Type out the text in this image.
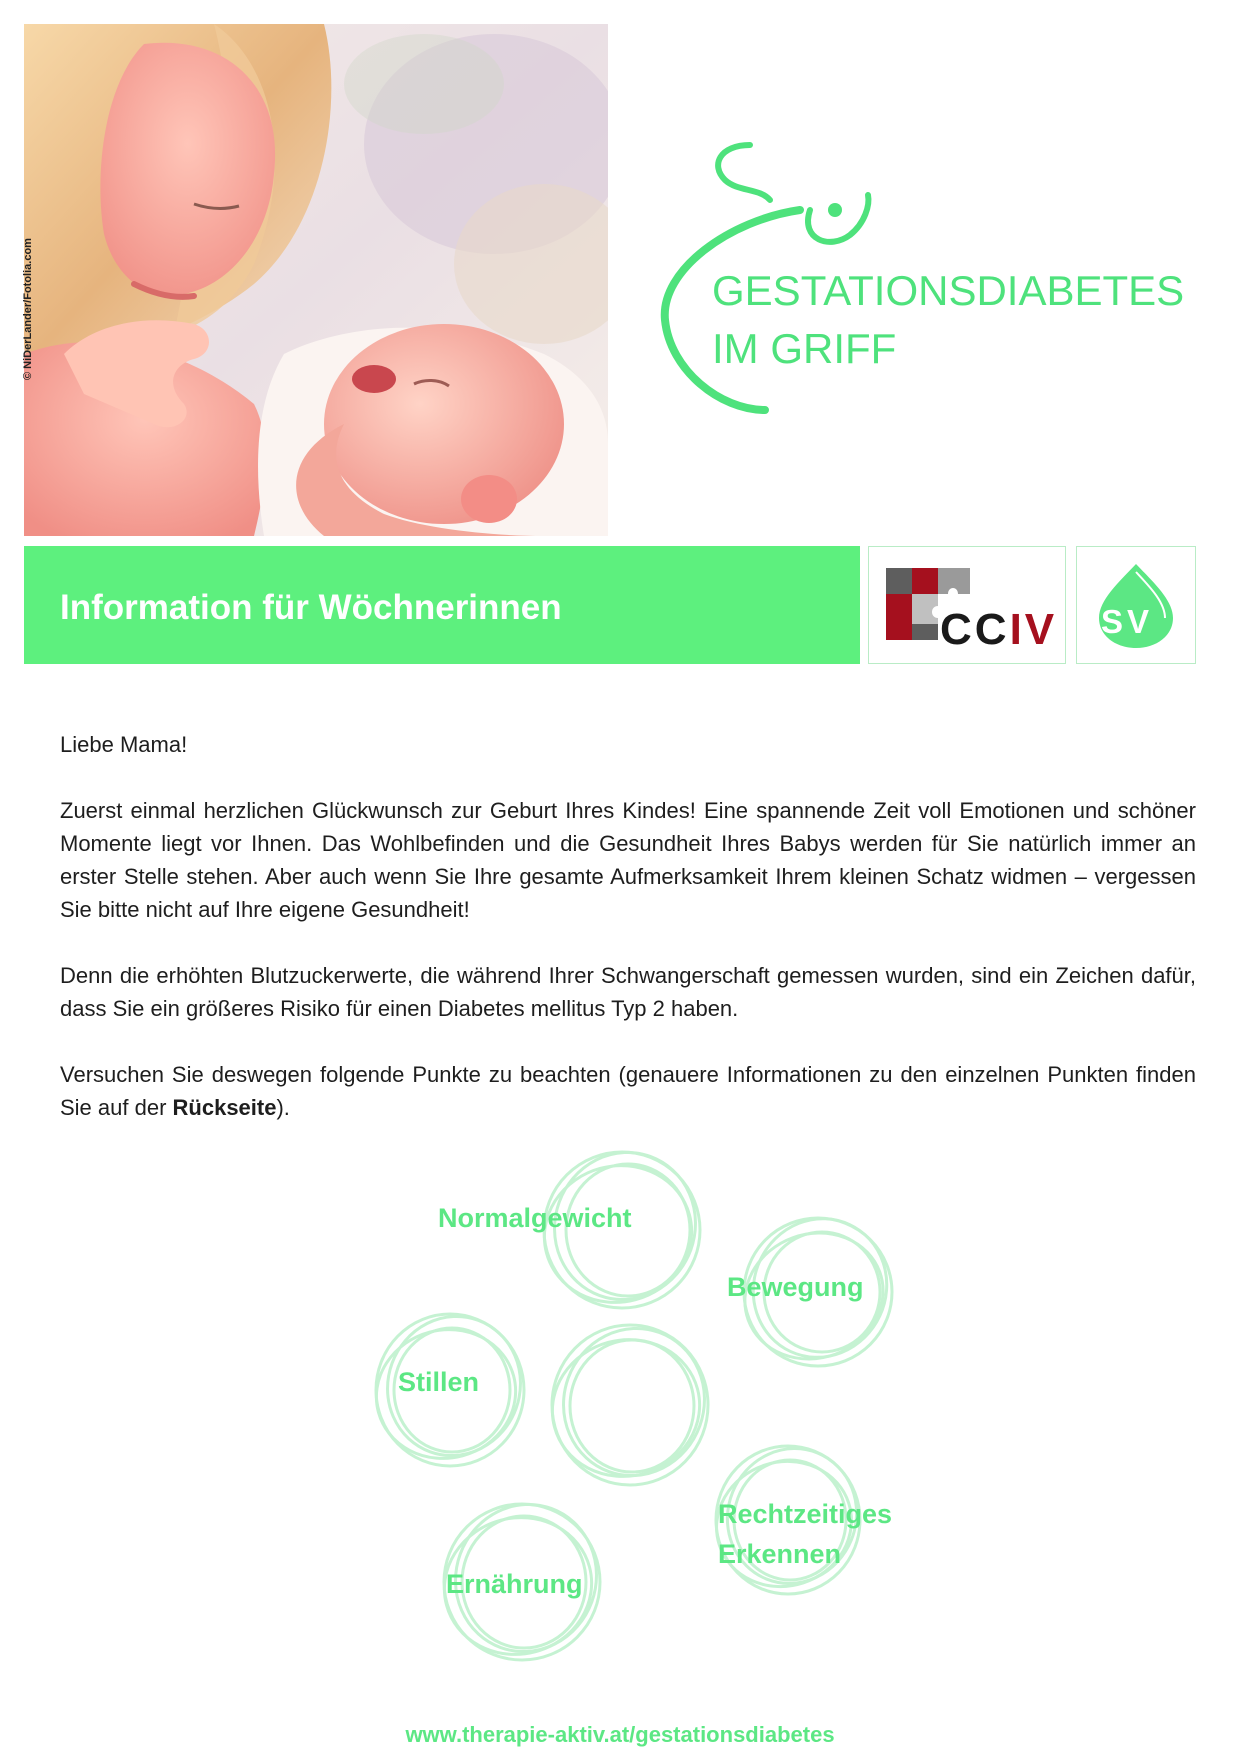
© NiDerLander/Fotolia.com	GESTATIONSDIABETES
IM GRIFF
Information für Wöchnerinnen	CCIV SV

Liebe Mama!

Zuerst einmal herzlichen Glückwunsch zur Geburt Ihres Kindes! Eine spannende Zeit voll Emotionen und schöner Momente liegt vor Ihnen. Das Wohlbefinden und die Gesundheit Ihres Babys werden für Sie natürlich immer an erster Stelle stehen. Aber auch wenn Sie Ihre gesamte Aufmerksamkeit Ihrem kleinen Schatz widmen – vergessen Sie bitte nicht auf Ihre eigene Gesundheit!

Denn die erhöhten Blutzuckerwerte, die während Ihrer Schwangerschaft gemessen wurden, sind ein Zeichen dafür, dass Sie ein größeres Risiko für einen Diabetes mellitus Typ 2 haben.

Versuchen Sie deswegen folgende Punkte zu beachten (genauere Informationen zu den einzelnen Punkten finden Sie auf der Rückseite).

Normalgewicht
Bewegung
Stillen
Rechtzeitiges
Erkennen
Ernährung
www.therapie-aktiv.at/gestationsdiabetes
